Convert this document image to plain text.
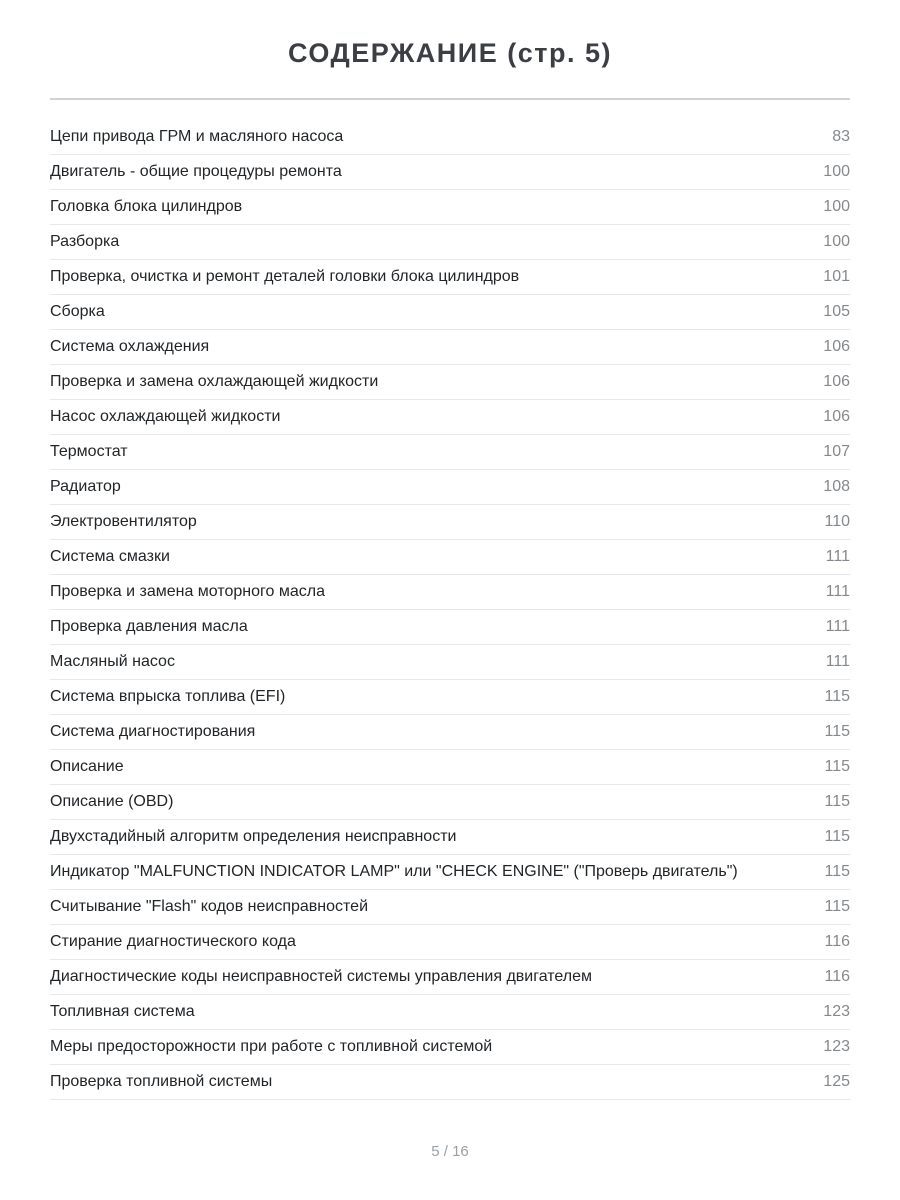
СОДЕРЖАНИЕ (стр. 5)
Цепи привода ГРМ и масляного насоса	83
Двигатель - общие процедуры ремонта	100
Головка блока цилиндров	100
Разборка	100
Проверка, очистка и ремонт деталей головки блока цилиндров	101
Сборка	105
Система охлаждения	106
Проверка и замена охлаждающей жидкости	106
Насос охлаждающей жидкости	106
Термостат	107
Радиатор	108
Электровентилятор	110
Система смазки	111
Проверка и замена моторного масла	111
Проверка давления масла	111
Масляный насос	111
Система впрыска топлива (EFI)	115
Система диагностирования	115
Описание	115
Описание (OBD)	115
Двухстадийный алгоритм определения неисправности	115
Индикатор "MALFUNCTION INDICATOR LAMP" или "CHECK ENGINE" ("Проверь двигатель")	115
Считывание "Flash" кодов неисправностей	115
Стирание диагностического кода	116
Диагностические коды неисправностей системы управления двигателем	116
Топливная система	123
Меры предосторожности при работе с топливной системой	123
Проверка топливной системы	125
5 / 16
